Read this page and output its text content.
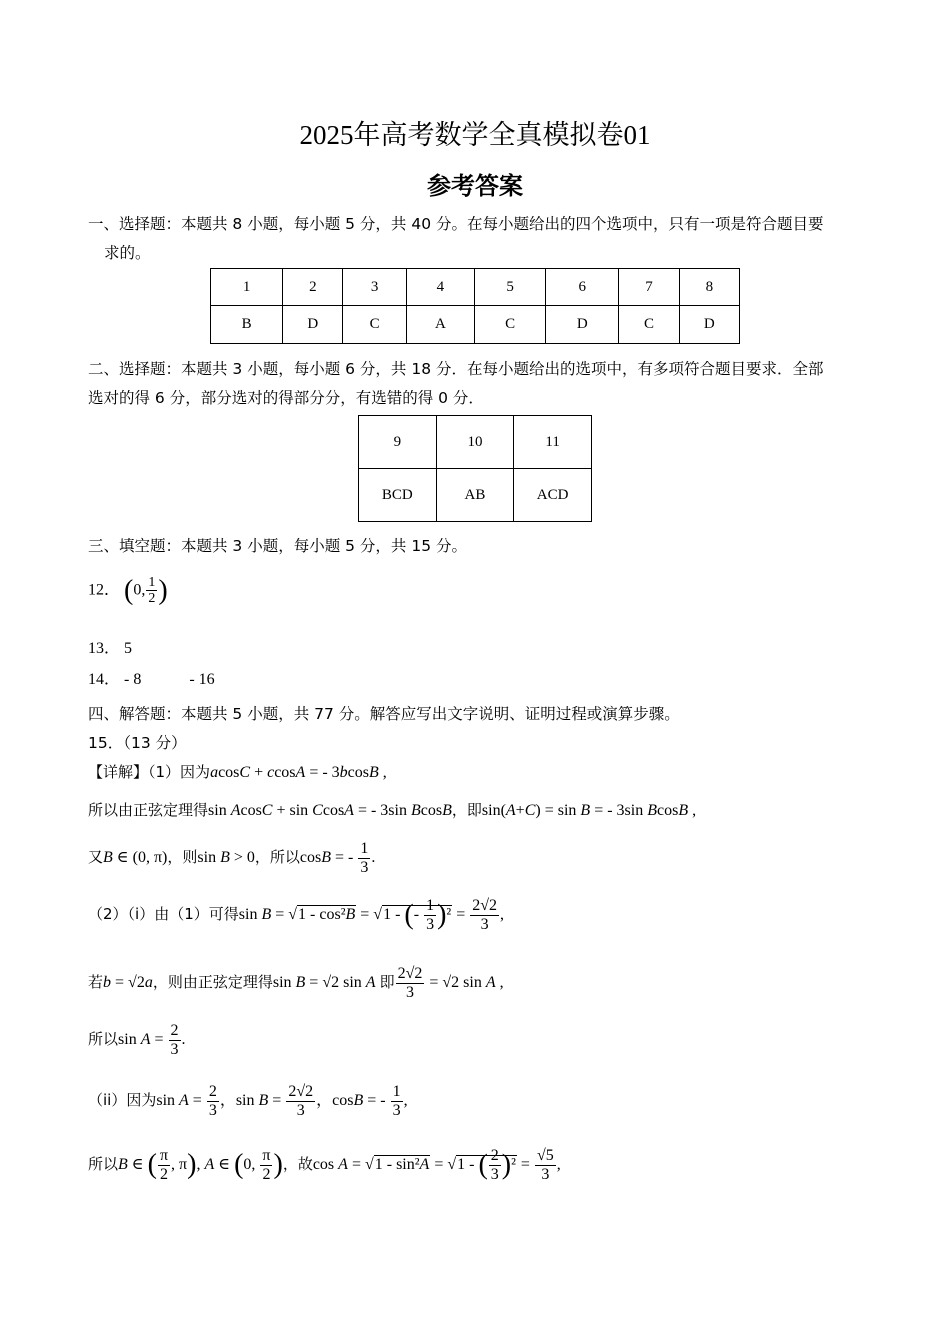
2025年高考数学全真模拟卷01
参考答案
一、选择题：本题共 8 小题，每小题 5 分，共 40 分。在每小题给出的四个选项中，只有一项是符合题目要
求的。
1	2	3	4	5	6	7	8
B	D	C	A	C	D	C	D
二、选择题：本题共 3 小题，每小题 6 分，共 18 分．在每小题给出的选项中，有多项符合题目要求．全部
选对的得 6 分，部分选对的得部分分，有选错的得 0 分．
9	10	11
BCD	AB	ACD
三、填空题：本题共 3 小题，每小题 5 分，共 15 分。
12． (0, $\frac{1}{2}$ )
13． 5
14． - 8	- 16
四、解答题：本题共 5 小题，共 77 分。解答应写出文字说明、证明过程或演算步骤。
15．（13 分）
【详解】（1）因为acosC + ccosA = - 3bcosB ,
所以由正弦定理得sin AcosC + sin CcosA = - 3sin BcosB，即sin(A+C) = sin B = - 3sin BcosB ,
又B ∈ (0, π)，则sin B > 0，所以cosB = - $\frac{1}{3}$ .
（2）（i）由（1）可得sin B = √1 - cos²B = √1 - (- $\frac{1}{3} )^2 = \frac{2√2}{3}$ ,
若b = √2a，则由正弦定理得sin B = √2 sin A 即 $\frac{2√2}{3} = √2$ sin A ,
所以$\sin A = \frac{2}{3}$ .
（ii）因为$\sin A = \frac{2}{3}$ ，$\sin B = \frac{2√2}{3}$ ，cosB = - $\frac{1}{3}$ ,
所以B ∈ ( $\frac{\pi}{2}$ , π), A ∈ (0, $\frac{\pi}{2}$ )，故cos A = √1 - sin²A = √1 - ( $\frac{2}{3} )^2 = \frac{√5}{3}$ ,
